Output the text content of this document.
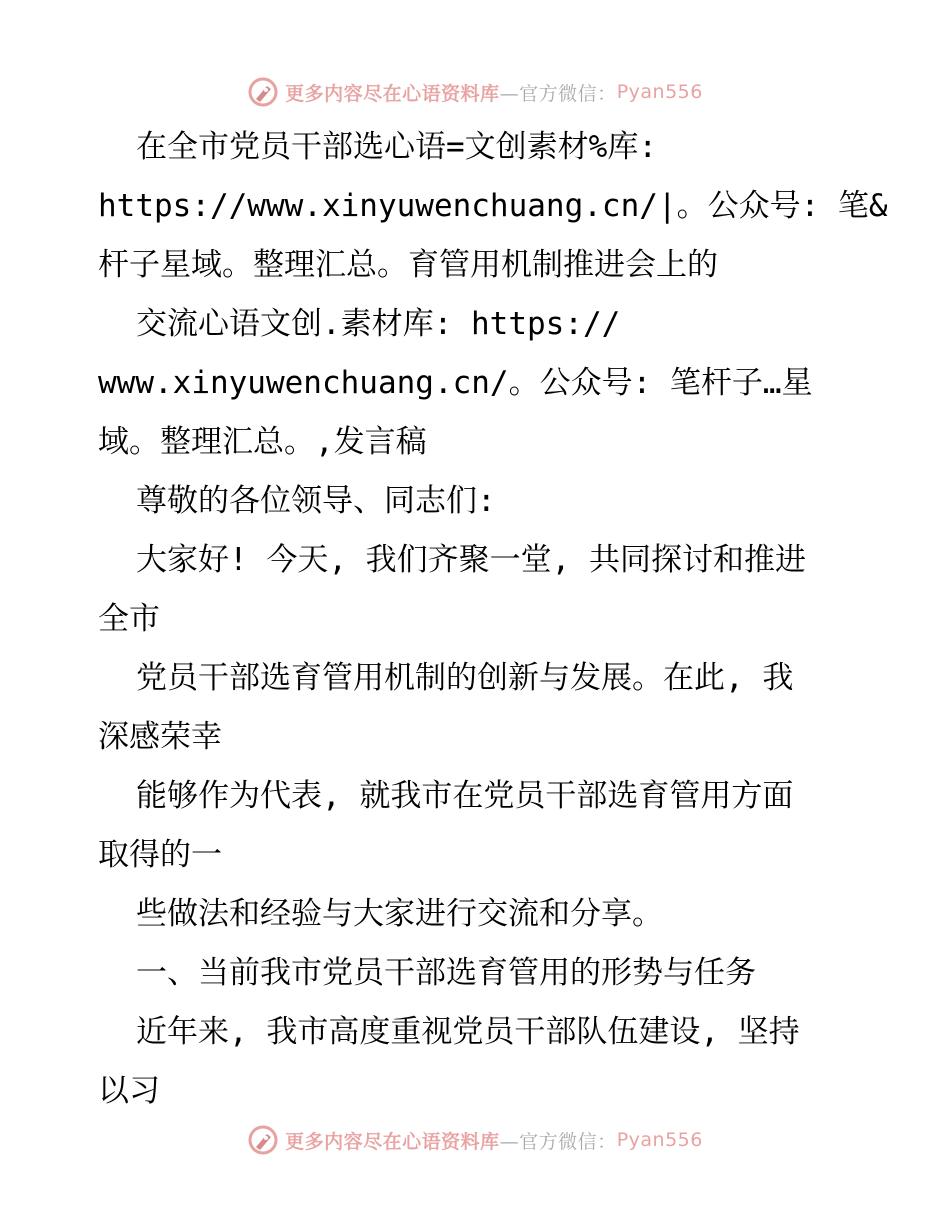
更多内容尽在心语资料库 —官方微信： Pyan556
在全市党员干部选心语=文创素材%库:
https://www.xinyuwenchuang.cn/|。公众号: 笔&
杆子星域。整理汇总。育管用机制推进会上的
交流心语文创.素材库: https://
www.xinyuwenchuang.cn/。公众号: 笔杆子…星
域。整理汇总。,发言稿
尊敬的各位领导、同志们:
大家好! 今天, 我们齐聚一堂, 共同探讨和推进
全市
党员干部选育管用机制的创新与发展。在此, 我
深感荣幸
能够作为代表, 就我市在党员干部选育管用方面
取得的一
些做法和经验与大家进行交流和分享。
一、当前我市党员干部选育管用的形势与任务
近年来, 我市高度重视党员干部队伍建设, 坚持
以习
更多内容尽在心语资料库 —官方微信： Pyan556
